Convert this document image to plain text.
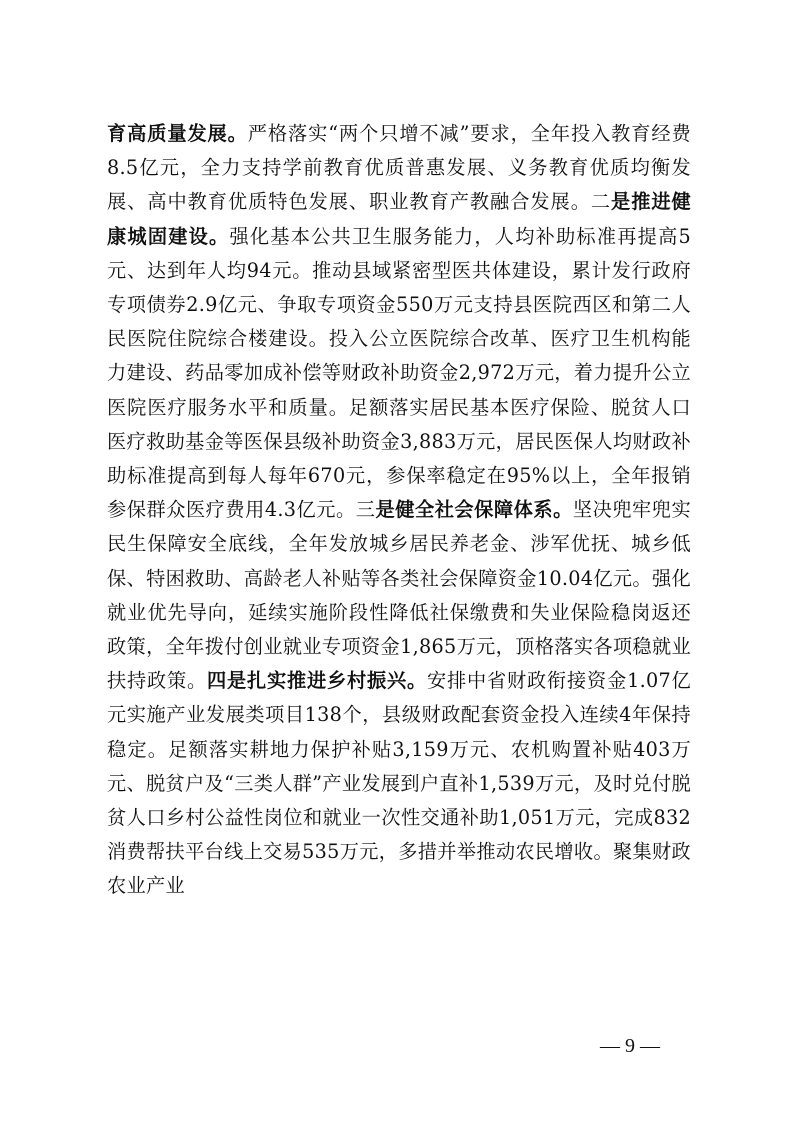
育高质量发展。严格落实“两个只增不减”要求，全年投入教育经费8.5亿元，全力支持学前教育优质普惠发展、义务教育优质均衡发展、高中教育优质特色发展、职业教育产教融合发展。二是推进健康城固建设。强化基本公共卫生服务能力，人均补助标准再提高5元、达到年人均94元。推动县域紧密型医共体建设，累计发行政府专项债券2.9亿元、争取专项资金550万元支持县医院西区和第二人民医院住院综合楼建设。投入公立医院综合改革、医疗卫生机构能力建设、药品零加成补偿等财政补助资金2,972万元，着力提升公立医院医疗服务水平和质量。足额落实居民基本医疗保险、脱贫人口医疗救助基金等医保县级补助资金3,883万元，居民医保人均财政补助标准提高到每人每年670元，参保率稳定在95%以上，全年报销参保群众医疗费用4.3亿元。三是健全社会保障体系。坚决兜牢兜实民生保障安全底线，全年发放城乡居民养老金、涉军优抚、城乡低保、特困救助、高龄老人补贴等各类社会保障资金10.04亿元。强化就业优先导向，延续实施阶段性降低社保缴费和失业保险稳岗返还政策，全年拨付创业就业专项资金1,865万元，顶格落实各项稳就业扶持政策。四是扎实推进乡村振兴。安排中省财政衔接资金1.07亿元实施产业发展类项目138个，县级财政配套资金投入连续4年保持稳定。足额落实耕地力保护补贴3,159万元、农机购置补贴403万元、脱贫户及“三类人群”产业发展到户直补1,539万元，及时兑付脱贫人口乡村公益性岗位和就业一次性交通补助1,051万元，完成832消费帮扶平台线上交易535万元，多措并举推动农民增收。聚集财政农业产业

— 9 —
